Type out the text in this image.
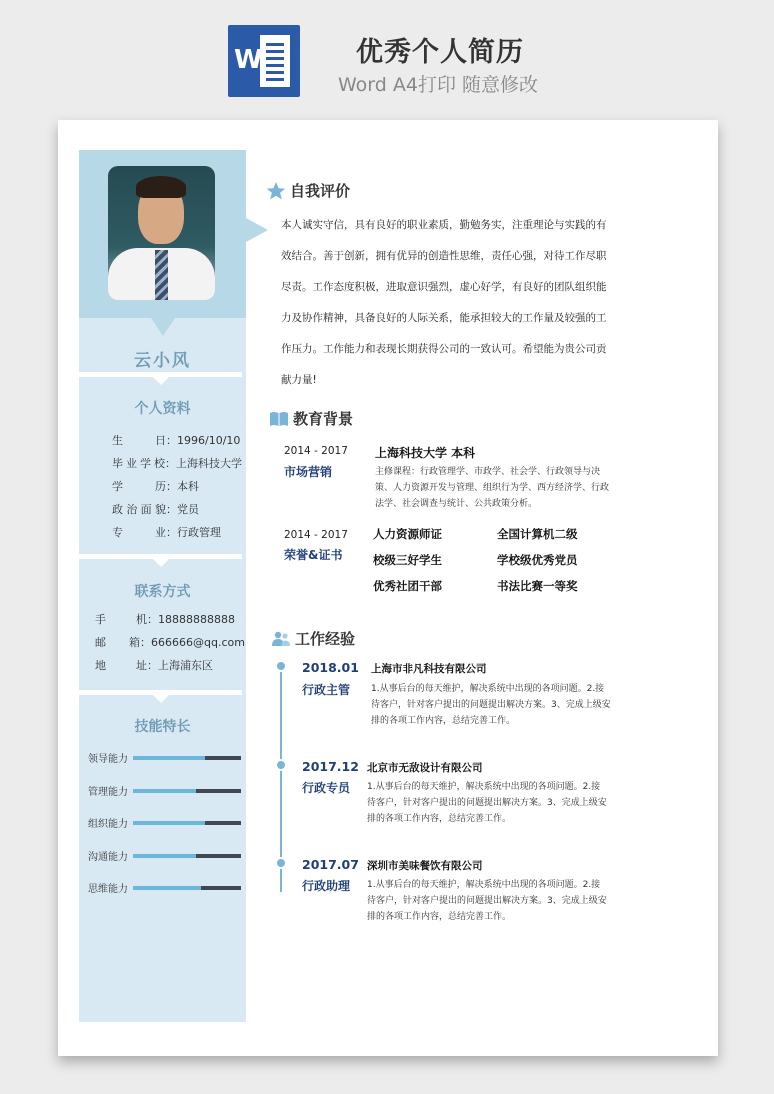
W	优秀个人简历
Word A4打印 随意修改
云小风
个人资料
生日 ： 1996/10/10
毕业学校 ： 上海科技大学
学历 ： 本科
政治面貌 ： 党员
专业 ： 行政管理
联系方式
手机 ： 18888888888
邮箱 ： 666666@qq.com
地址 ： 上海浦东区
技能特长
领导能力
管理能力
组织能力
沟通能力
思维能力
自我评价
本人诚实守信，具有良好的职业素质，勤勉务实，注重理论与实践的有效结合。善于创新，拥有优异的创造性思维，责任心强，对待工作尽职尽责。工作态度积极，进取意识强烈，虚心好学，有良好的团队组织能力及协作精神，具备良好的人际关系，能承担较大的工作量及较强的工作压力。工作能力和表现长期获得公司的一致认可。希望能为贵公司贡献力量!
教育背景
2014 - 2017
市场营销
上海科技大学 本科
主修课程：行政管理学、市政学、社会学、行政领导与决策、人力资源开发与管理、组织行为学、西方经济学、行政法学、社会调查与统计、公共政策分析。
2014 - 2017
荣誉&证书
人力资源师证	全国计算机二级
校级三好学生	学校级优秀党员
优秀社团干部	书法比赛一等奖
工作经验
2018.01
行政主管
上海市非凡科技有限公司
1.从事后台的每天维护，解决系统中出现的各项问题。2.接待客户，针对客户提出的问题提出解决方案。3、完成上级安排的各项工作内容，总结完善工作。
2017.12
行政专员
北京市无敌设计有限公司
1.从事后台的每天维护，解决系统中出现的各项问题。2.接待客户，针对客户提出的问题提出解决方案。3、完成上级安排的各项工作内容，总结完善工作。
2017.07
行政助理
深圳市美味餐饮有限公司
1.从事后台的每天维护，解决系统中出现的各项问题。2.接待客户，针对客户提出的问题提出解决方案。3、完成上级安排的各项工作内容，总结完善工作。
